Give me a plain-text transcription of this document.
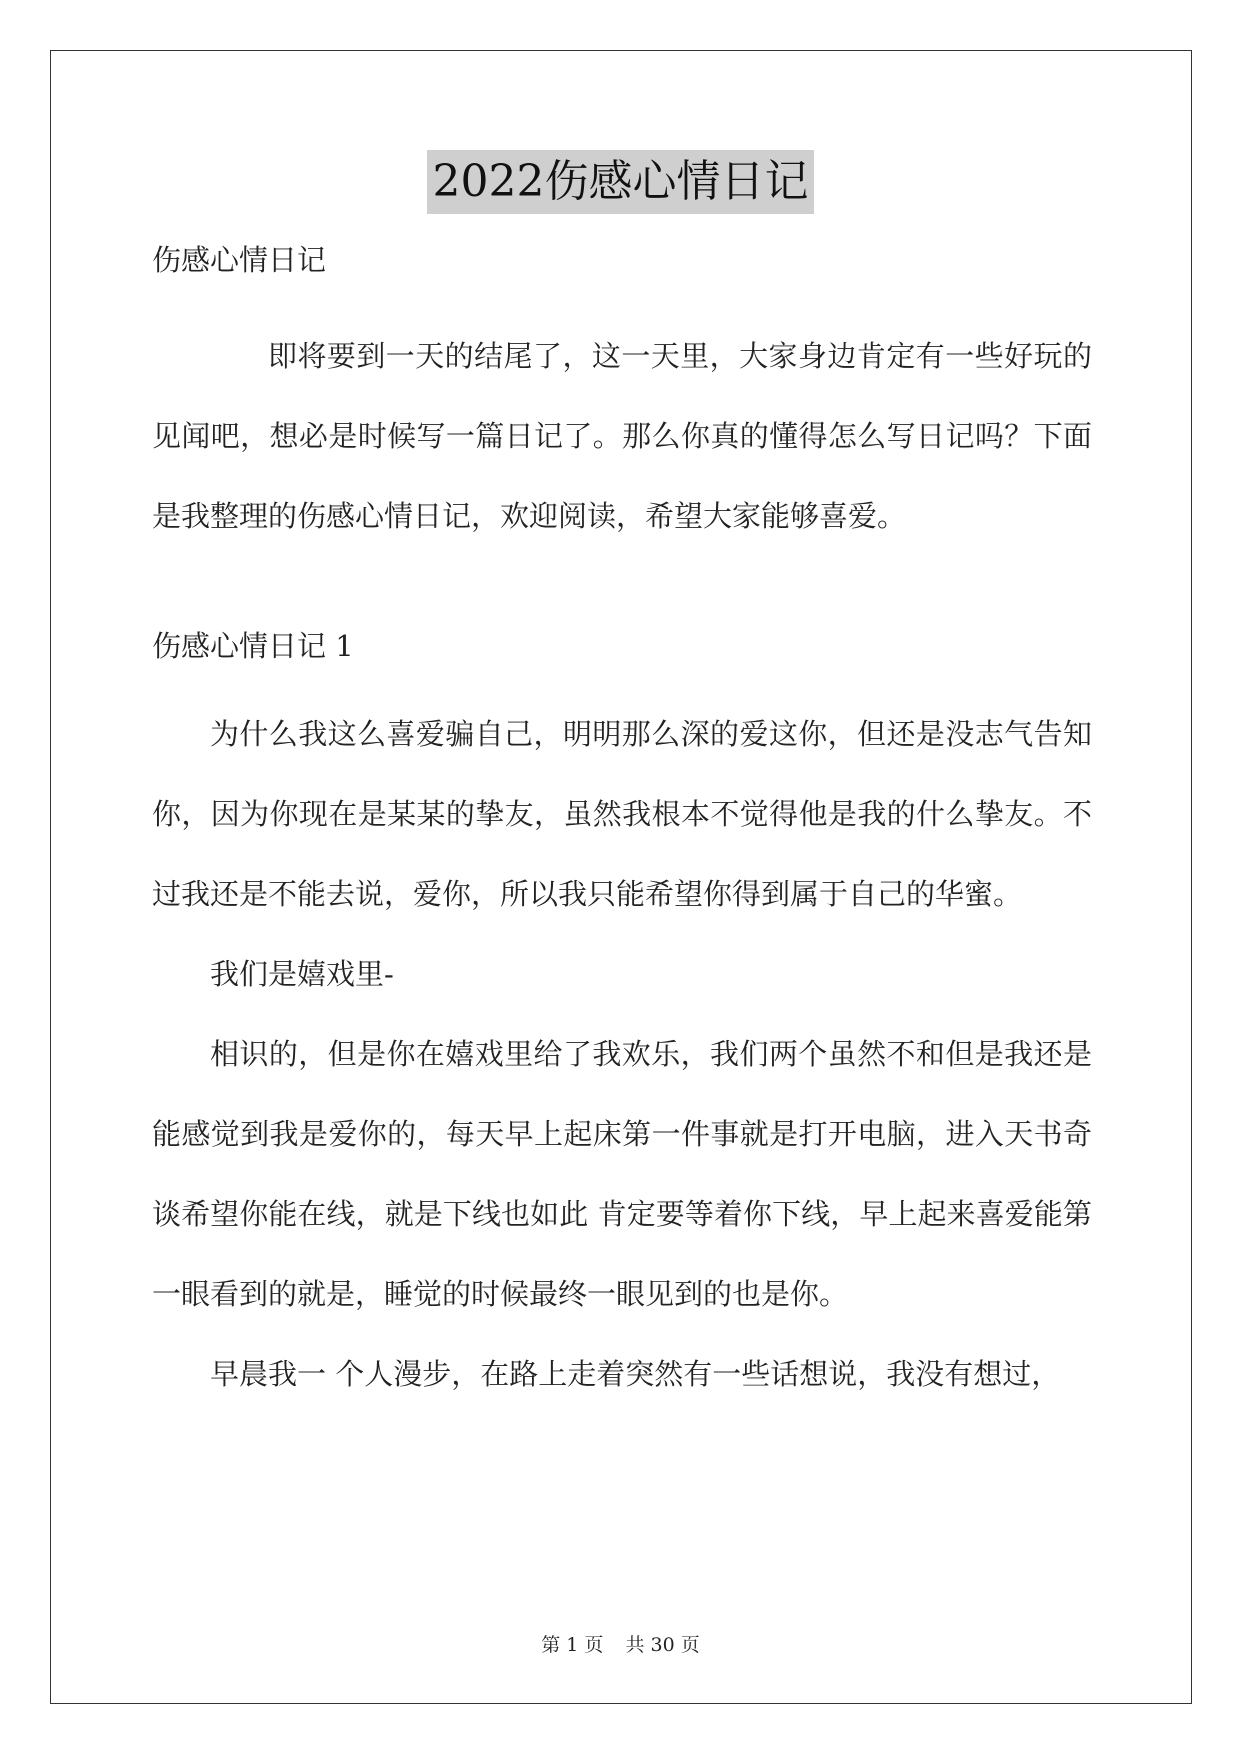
2022伤感心情日记

伤感心情日记

即将要到一天的结尾了，这一天里，大家身边肯定有一些好玩的见闻吧，想必是时候写一篇日记了。那么你真的懂得怎么写日记吗？下面是我整理的伤感心情日记，欢迎阅读，希望大家能够喜爱。

伤感心情日记 1

为什么我这么喜爱骗自己，明明那么深的爱这你，但还是没志气告知你，因为你现在是某某的挚友，虽然我根本不觉得他是我的什么挚友。不过我还是不能去说，爱你，所以我只能希望你得到属于自己的华蜜。

我们是嬉戏里-

相识的，但是你在嬉戏里给了我欢乐，我们两个虽然不和但是我还是能感觉到我是爱你的，每天早上起床第一件事就是打开电脑，进入天书奇谈希望你能在线，就是下线也如此 肯定要等着你下线，早上起来喜爱能第一眼看到的就是，睡觉的时候最终一眼见到的也是你。

早晨我一 个人漫步，在路上走着突然有一些话想说，我没有想过，

第 1 页 共 30 页
